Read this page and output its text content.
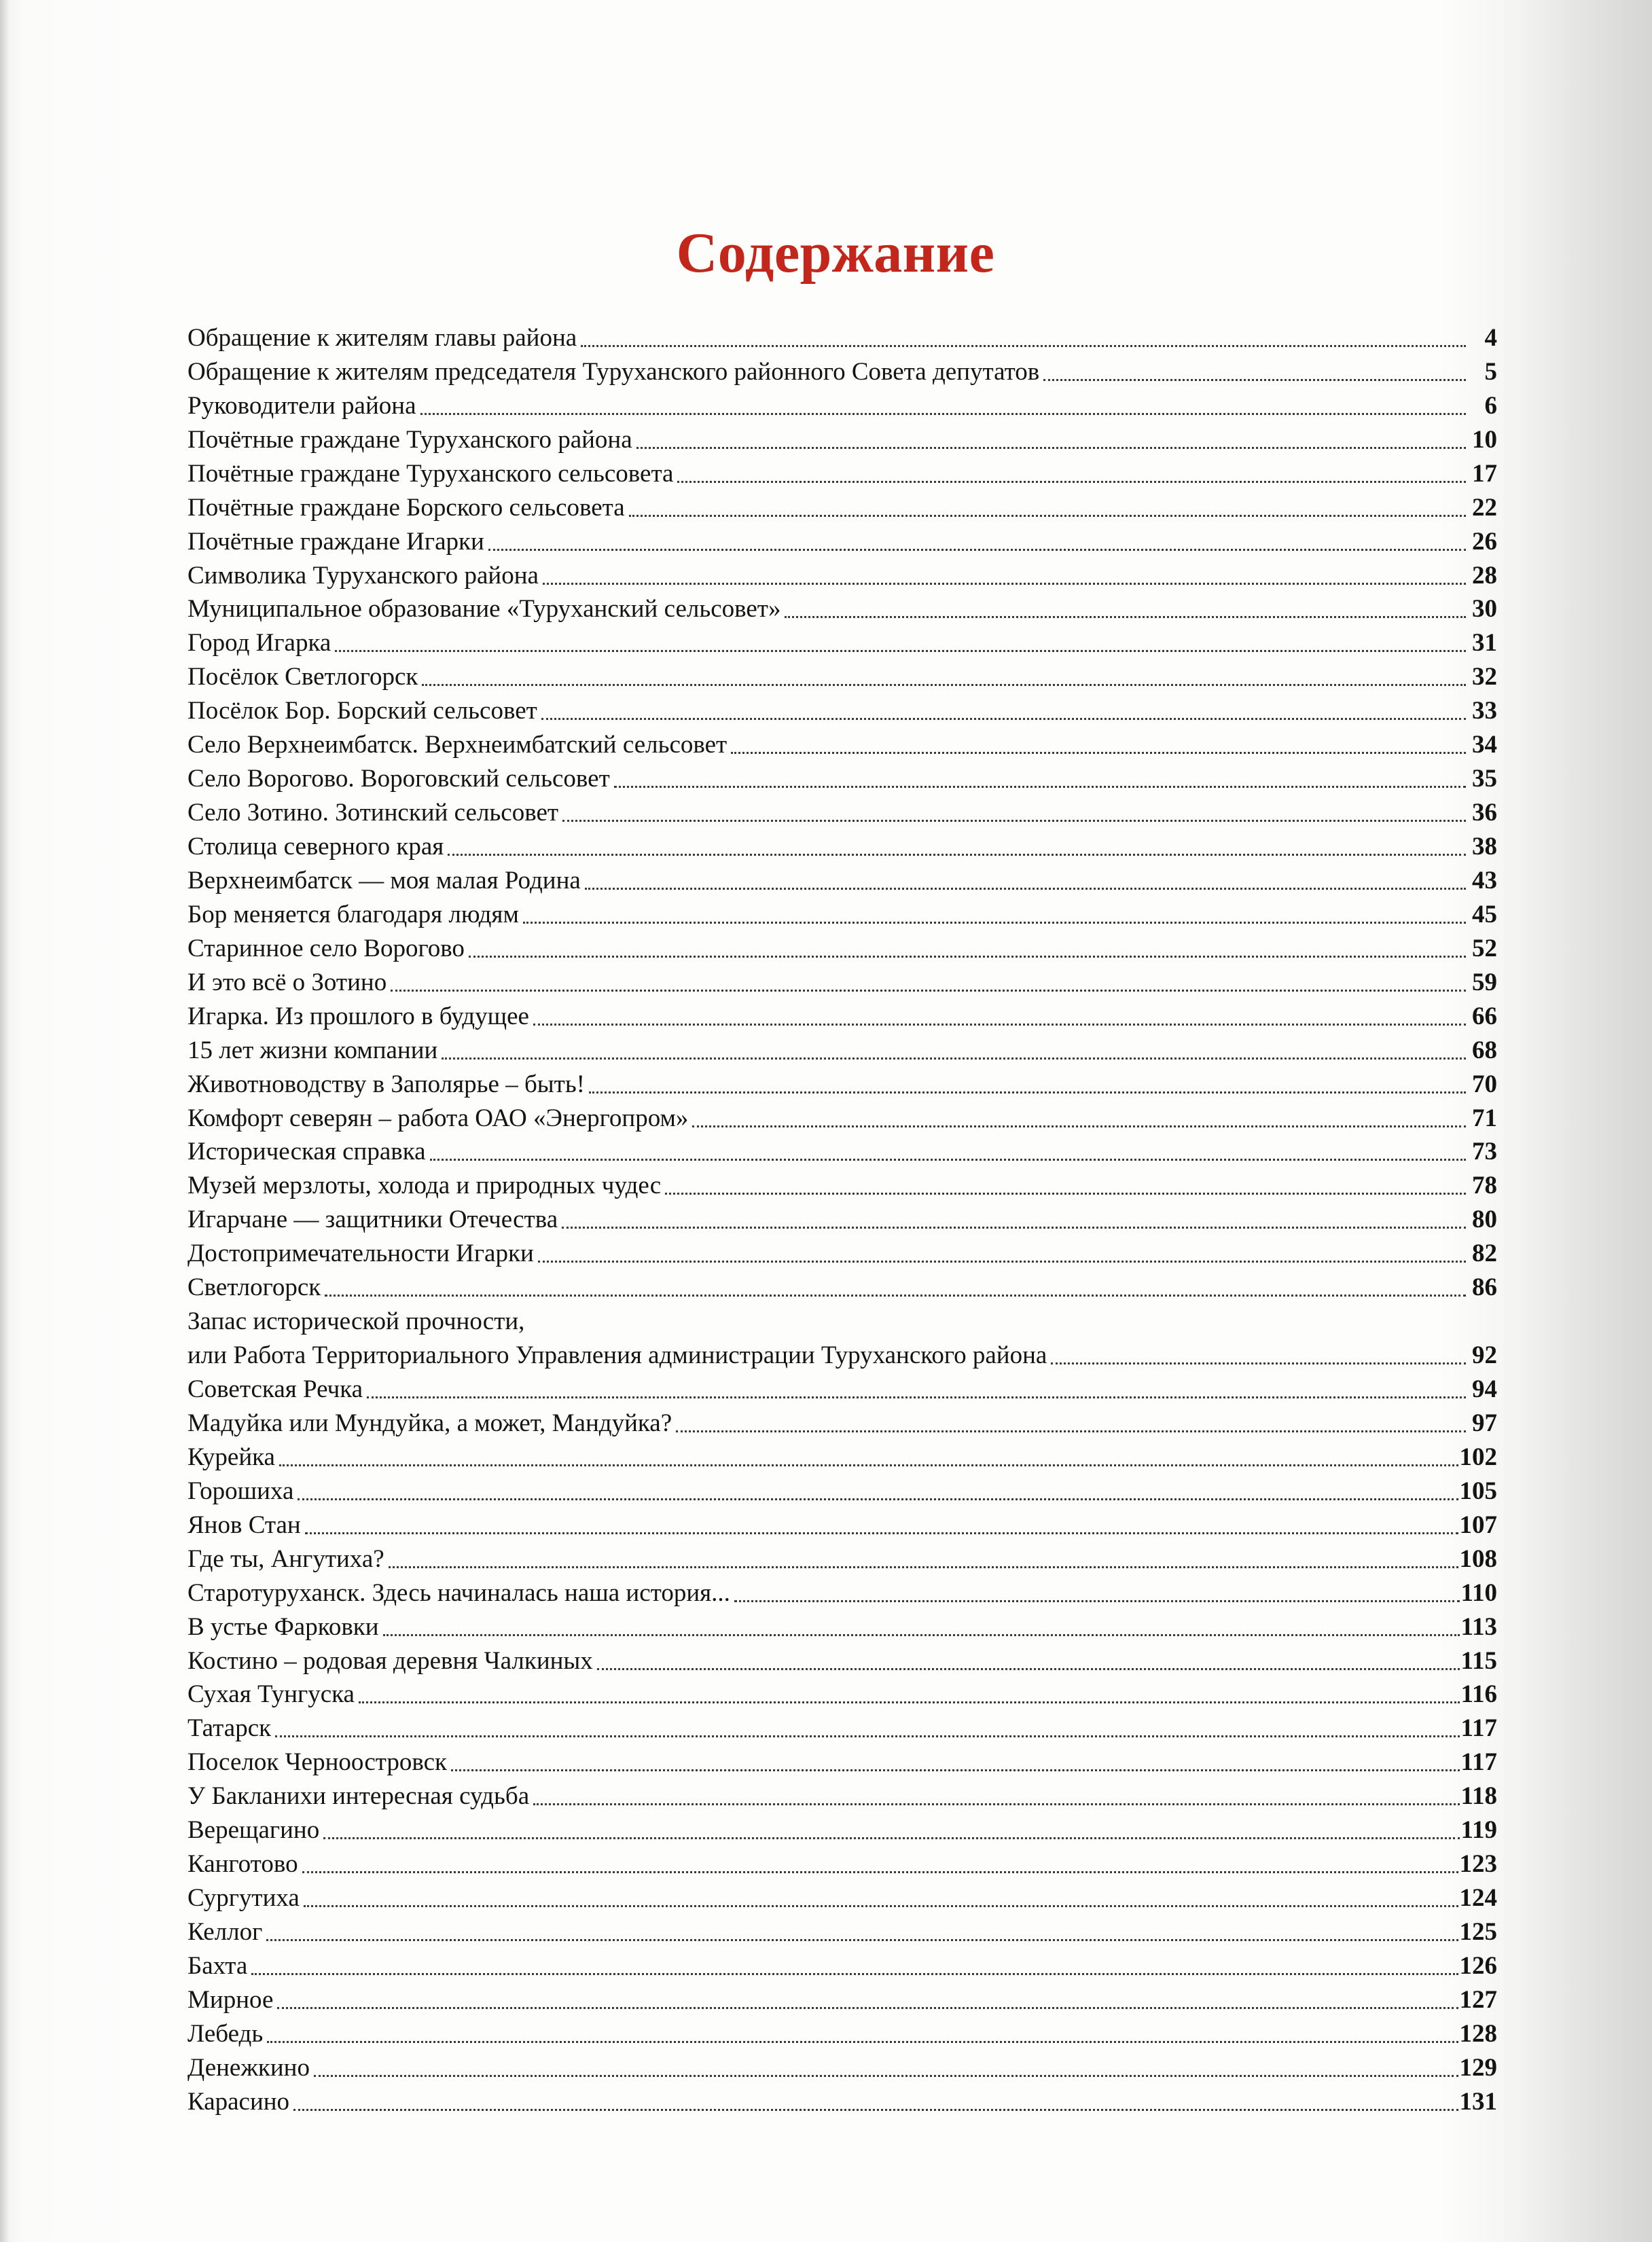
Содержание
Обращение к жителям главы района	4
Обращение к жителям председателя Туруханского районного Совета депутатов	5
Руководители района	6
Почётные граждане Туруханского района	10
Почётные граждане Туруханского сельсовета	17
Почётные граждане Борского сельсовета	22
Почётные граждане Игарки	26
Символика Туруханского района	28
Муниципальное образование «Туруханский сельсовет»	30
Город Игарка	31
Посёлок Светлогорск	32
Посёлок Бор. Борский сельсовет	33
Село Верхнеимбатск. Верхнеимбатский сельсовет	34
Село Ворогово. Вороговский сельсовет	35
Село Зотино. Зотинский сельсовет	36
Столица северного края	38
Верхнеимбатск — моя малая Родина	43
Бор меняется благодаря людям	45
Старинное село Ворогово	52
И это всё о Зотино	59
Игарка. Из прошлого в будущее	66
15 лет жизни компании	68
Животноводству в Заполярье – быть!	70
Комфорт северян – работа ОАО «Энергопром»	71
Историческая справка	73
Музей мерзлоты, холода и природных чудес	78
Игарчане — защитники Отечества	80
Достопримечательности Игарки	82
Светлогорск	86
Запас исторической прочности,
или Работа Территориального Управления администрации Туруханского района	92
Советская Речка	94
Мадуйка или Мундуйка, а может, Мандуйка?	97
Курейка	102
Горошиха	105
Янов Стан	107
Где ты, Ангутиха?	108
Старотуруханск. Здесь начиналась наша история...	110
В устье Фарковки	113
Костино – родовая деревня Чалкиных	115
Сухая Тунгуска	116
Татарск	117
Поселок Черноостровск	117
У Бакланихи интересная судьба	118
Верещагино	119
Канготово	123
Сургутиха	124
Келлог	125
Бахта	126
Мирное	127
Лебедь	128
Денежкино	129
Карасино	131
